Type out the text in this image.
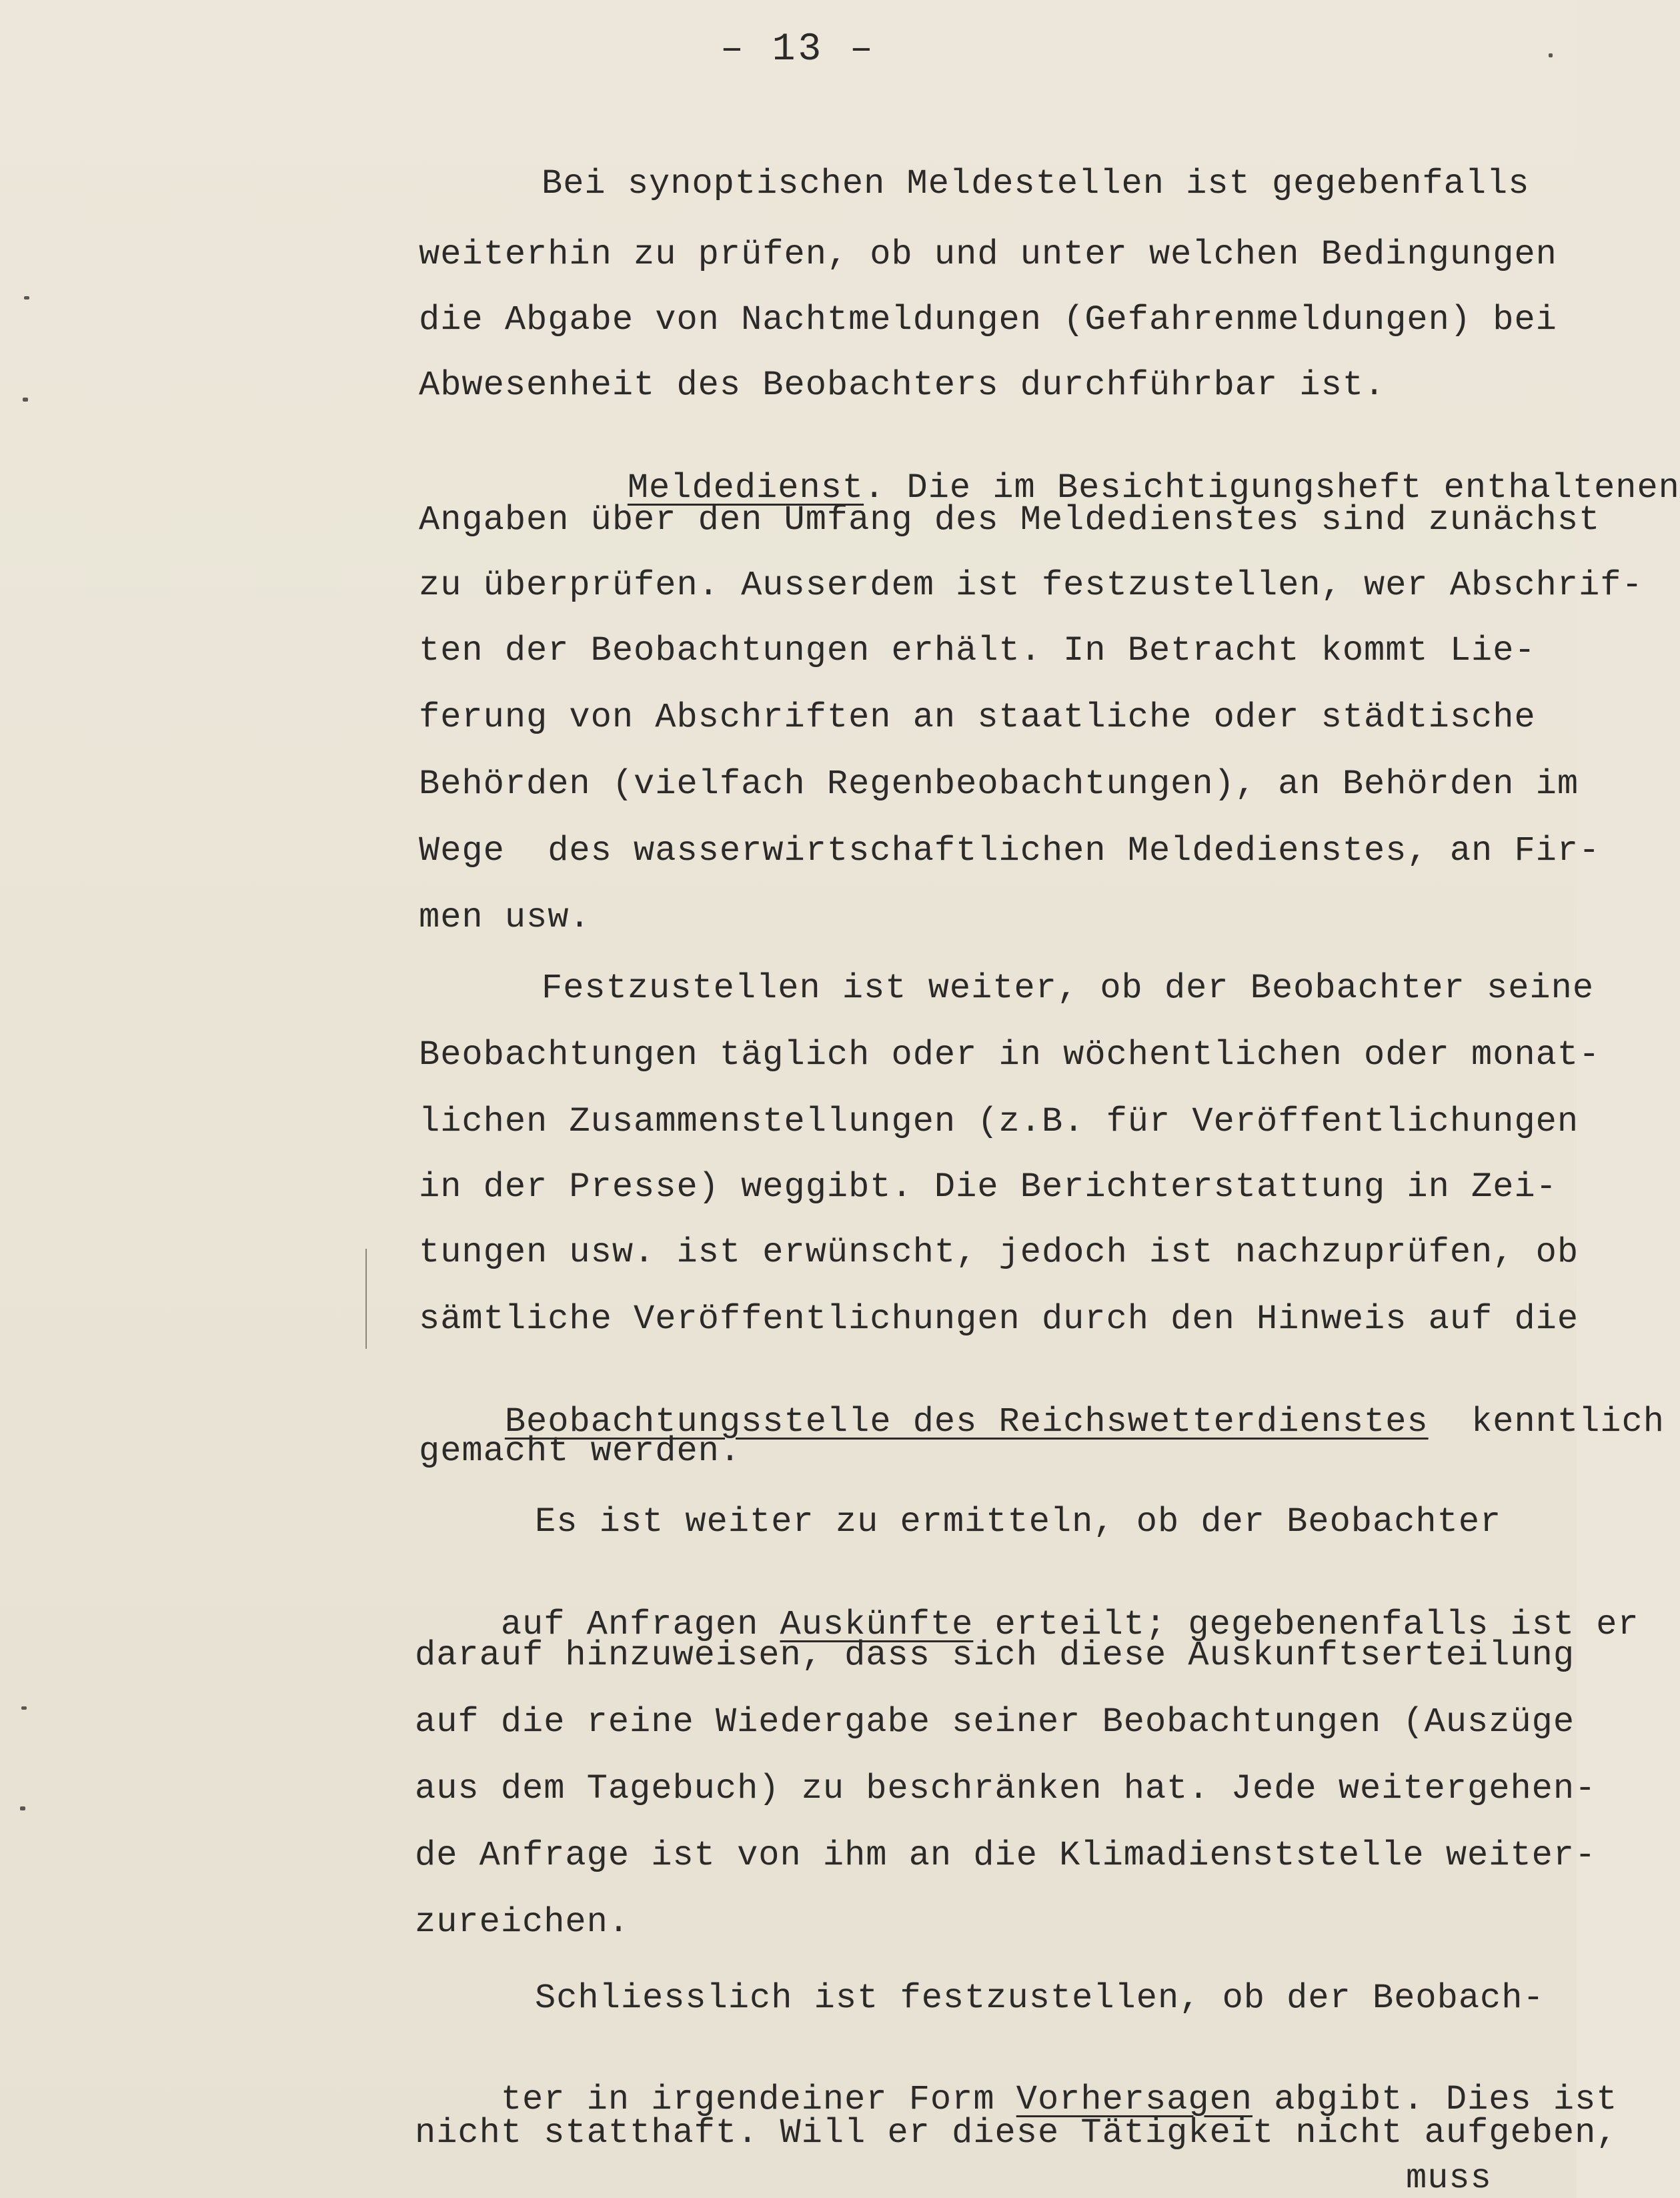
– 13 –
Bei synoptischen Meldestellen ist gegebenfalls
weiterhin zu prüfen, ob und unter welchen Bedingungen
die Abgabe von Nachtmeldungen (Gefahrenmeldungen) bei
Abwesenheit des Beobachters durchführbar ist.

Meldedienst. Die im Besichtigungsheft enthaltenen

Angaben über den Umfang des Meldedienstes sind zunächst
zu überprüfen. Ausserdem ist festzustellen, wer Abschrif-
ten der Beobachtungen erhält. In Betracht kommt Lie-
ferung von Abschriften an staatliche oder städtische
Behörden (vielfach Regenbeobachtungen), an Behörden im
Wege  des wasserwirtschaftlichen Meldedienstes, an Fir-
men usw.
Festzustellen ist weiter, ob der Beobachter seine
Beobachtungen täglich oder in wöchentlichen oder monat-
lichen Zusammenstellungen (z.B. für Veröffentlichungen
in der Presse) weggibt. Die Berichterstattung in Zei-
tungen usw. ist erwünscht, jedoch ist nachzuprüfen, ob
sämtliche Veröffentlichungen durch den Hinweis auf die

Beobachtungsstelle des Reichswetterdienstes  kenntlich

gemacht werden.
Es ist weiter zu ermitteln, ob der Beobachter

auf Anfragen Auskünfte erteilt; gegebenenfalls ist er

darauf hinzuweisen, dass sich diese Auskunftserteilung
auf die reine Wiedergabe seiner Beobachtungen (Auszüge
aus dem Tagebuch) zu beschränken hat. Jede weitergehen-
de Anfrage ist von ihm an die Klimadienststelle weiter-
zureichen.
Schliesslich ist festzustellen, ob der Beobach-

ter in irgendeiner Form Vorhersagen abgibt. Dies ist

nicht statthaft. Will er diese Tätigkeit nicht aufgeben,
muss
